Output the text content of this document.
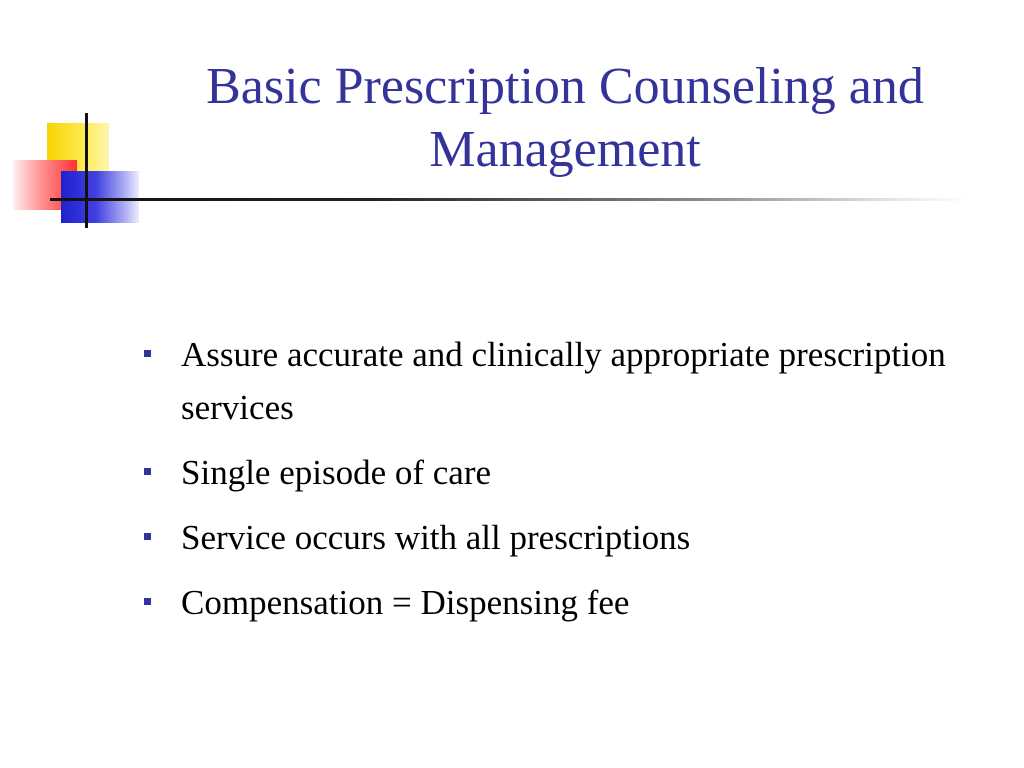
Basic Prescription Counseling and Management
Assure accurate and clinically appropriate prescription services
Single episode of care
Service occurs with all prescriptions
Compensation = Dispensing fee
